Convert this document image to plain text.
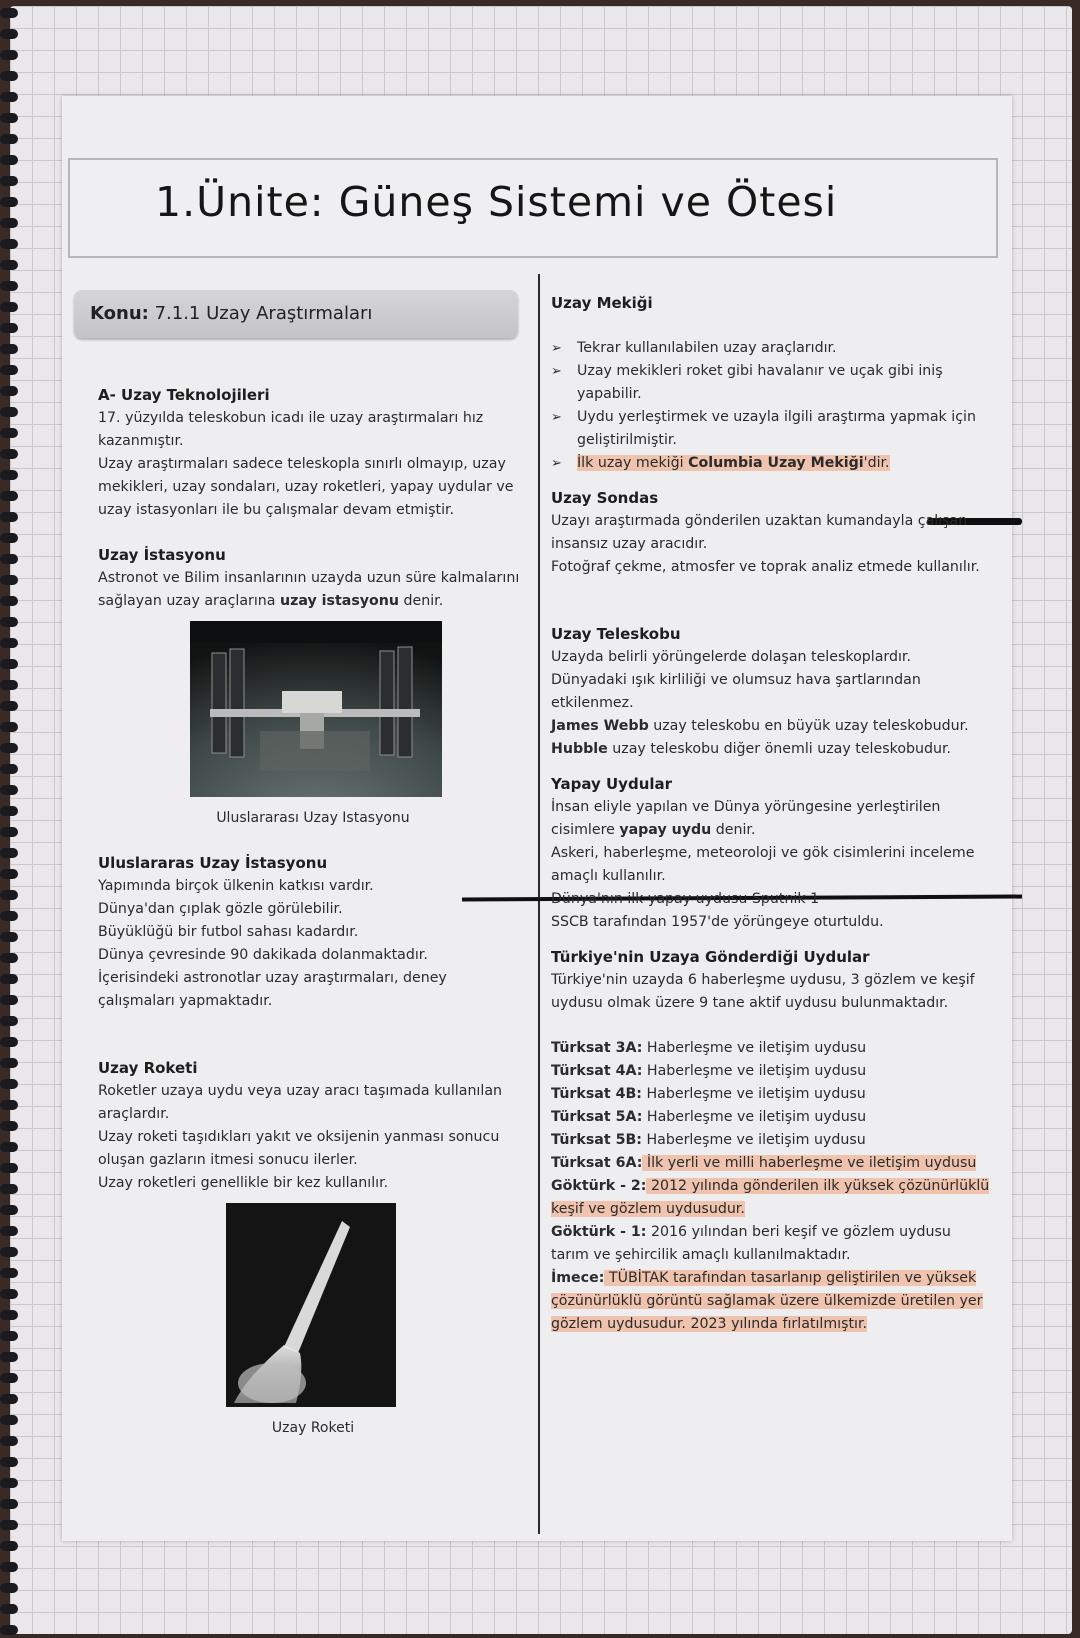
1.Ünite: Güneş Sistemi ve Ötesi
Konu: 7.1.1 Uzay Araştırmaları

A- Uzay Teknolojileri

17. yüzyılda teleskobun icadı ile uzay araştırmaları hız kazanmıştır.

Uzay araştırmaları sadece teleskopla sınırlı olmayıp, uzay mekikleri, uzay sondaları, uzay roketleri, yapay uydular ve uzay istasyonları ile bu çalışmalar devam etmiştir.

Uzay İstasyonu

Astronot ve Bilim insanlarının uzayda uzun süre kalmalarını sağlayan uzay araçlarına uzay istasyonu denir.

Uluslararası Uzay Istasyonu

Uluslararas Uzay İstasyonu

Yapımında birçok ülkenin katkısı vardır.

Dünya'dan çıplak gözle görülebilir.

Büyüklüğü bir futbol sahası kadardır.

Dünya çevresinde 90 dakikada dolanmaktadır.

İçerisindeki astronotlar uzay araştırmaları, deney çalışmaları yapmaktadır.

Uzay Roketi

Roketler uzaya uydu veya uzay aracı taşımada kullanılan araçlardır.

Uzay roketi taşıdıkları yakıt ve oksijenin yanması sonucu oluşan gazların itmesi sonucu ilerler.

Uzay roketleri genellikle bir kez kullanılır.

Uzay Roketi

Uzay Mekiği

➢ Tekrar kullanılabilen uzay araçlarıdır.
➢ Uzay mekikleri roket gibi havalanır ve uçak gibi iniş yapabilir.
➢ Uydu yerleştirmek ve uzayla ilgili araştırma yapmak için geliştirilmiştir.
➢ İlk uzay mekiği Columbia Uzay Mekiği'dir.

Uzay Sondas

Uzayı araştırmada gönderilen uzaktan kumandayla çalışan insansız uzay aracıdır.

Fotoğraf çekme, atmosfer ve toprak analiz etmede kullanılır.

Uzay Teleskobu

Uzayda belirli yörüngelerde dolaşan teleskoplardır.

Dünyadaki ışık kirliliği ve olumsuz hava şartlarından etkilenmez.

James Webb uzay teleskobu en büyük uzay teleskobudur.

Hubble uzay teleskobu diğer önemli uzay teleskobudur.

Yapay Uydular

İnsan eliyle yapılan ve Dünya yörüngesine yerleştirilen cisimlere yapay uydu denir.

Askeri, haberleşme, meteoroloji ve gök cisimlerini inceleme amaçlı kullanılır.

Dünya'nın ilk yapay uydusu Sputnik 1

SSCB tarafından 1957'de yörüngeye oturtuldu.

Türkiye'nin Uzaya Gönderdiği Uydular

Türkiye'nin uzayda 6 haberleşme uydusu, 3 gözlem ve keşif uydusu olmak üzere 9 tane aktif uydusu bulunmaktadır.

Türksat 3A: Haberleşme ve iletişim uydusu

Türksat 4A: Haberleşme ve iletişim uydusu

Türksat 4B: Haberleşme ve iletişim uydusu

Türksat 5A: Haberleşme ve iletişim uydusu

Türksat 5B: Haberleşme ve iletişim uydusu

Türksat 6A: İlk yerli ve milli haberleşme ve iletişim uydusu

Göktürk - 2: 2012 yılında gönderilen ilk yüksek çözünürlüklü keşif ve gözlem uydusudur.

Göktürk - 1: 2016 yılından beri keşif ve gözlem uydusu tarım ve şehircilik amaçlı kullanılmaktadır.

İmece: TÜBİTAK tarafından tasarlanıp geliştirilen ve yüksek çözünürlüklü görüntü sağlamak üzere ülkemizde üretilen yer gözlem uydusudur. 2023 yılında fırlatılmıştır.
